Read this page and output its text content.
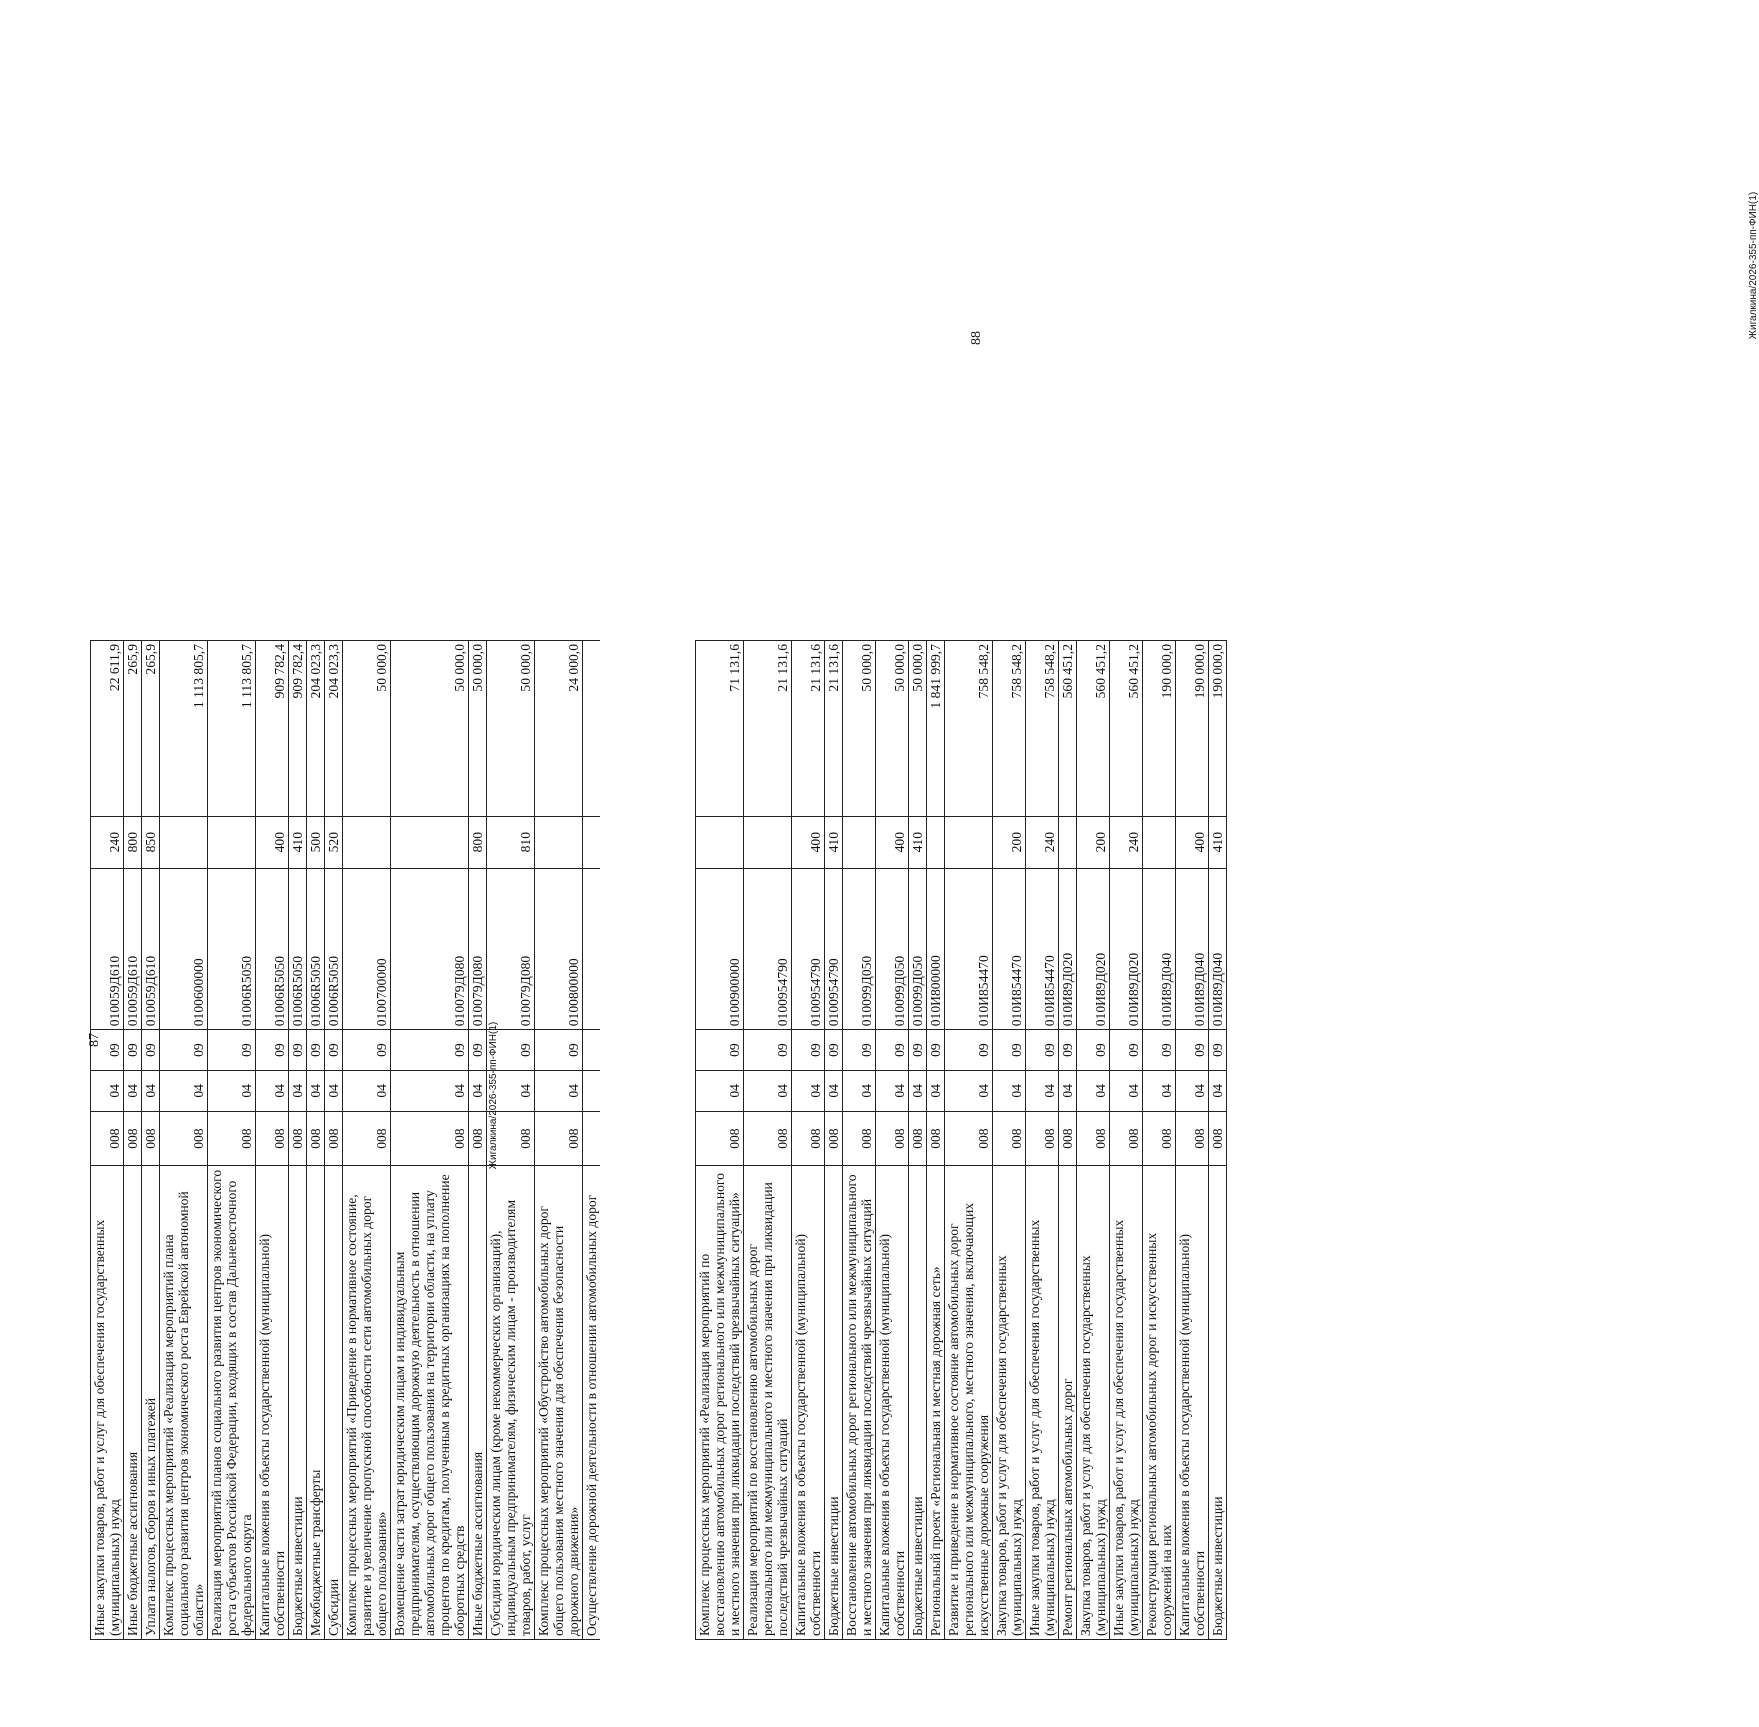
Иные закупки товаров, работ и услуг для обеспечения государственных (муниципальных) нужд	008	04	09	010059Д610	240	22 611,9
Иные бюджетные ассигнования	008	04	09	010059Д610	800	265,9
Уплата налогов, сборов и иных платежей	008	04	09	010059Д610	850	265,9
Комплекс процессных мероприятий «Реализация мероприятий плана социального развития центров экономического роста Еврейской автономной области»	008	04	09	0100600000		1 113 805,7
Реализация мероприятий планов социального развития центров экономического роста субъектов Российской Федерации, входящих в состав Дальневосточного федерального округа	008	04	09	01006R5050		1 113 805,7
Капитальные вложения в объекты государственной (муниципальной) собственности	008	04	09	01006R5050	400	909 782,4
Бюджетные инвестиции	008	04	09	01006R5050	410	909 782,4
Межбюджетные трансферты	008	04	09	01006R5050	500	204 023,3
Субсидии	008	04	09	01006R5050	520	204 023,3
Комплекс процессных мероприятий «Приведение в нормативное состояние, развитие и увеличение пропускной способности сети автомобильных дорог общего пользования»	008	04	09	0100700000		50 000,0
Возмещение части затрат юридическим лицам и индивидуальным предпринимателям, осуществляющим дорожную деятельность в отношении автомобильных дорог общего пользования на территории области, на уплату процентов по кредитам, полученным в кредитных организациях на пополнение оборотных средств	008	04	09	010079Д080		50 000,0
Иные бюджетные ассигнования	008	04	09	010079Д080	800	50 000,0
Субсидии юридическим лицам (кроме некоммерческих организаций), индивидуальным предпринимателям, физическим лицам - производителям товаров, работ, услуг	008	04	09	010079Д080	810	50 000,0
Комплекс процессных мероприятий «Обустройство автомобильных дорог общего пользования местного значения для обеспечения безопасности дорожного движения»	008	04	09	0100800000		24 000,0
Осуществление дорожной деятельности в отношении автомобильных дорог						

87	Жигалкина/2026-355-пп-ФИН(1)
Комплекс процессных мероприятий «Реализация мероприятий по восстановлению автомобильных дорог регионального или межмуниципального и местного значения при ликвидации последствий чрезвычайных ситуаций»	008	04	09	0100900000		71 131,6
Реализация мероприятий по восстановлению автомобильных дорог регионального или межмуниципального и местного значения при ликвидации последствий чрезвычайных ситуаций	008	04	09	0100954790		21 131,6
Капитальные вложения в объекты государственной (муниципальной) собственности	008	04	09	0100954790	400	21 131,6
Бюджетные инвестиции	008	04	09	0100954790	410	21 131,6
Восстановление автомобильных дорог регионального или межмуниципального и местного значения при ликвидации последствий чрезвычайных ситуаций	008	04	09	010099Д050		50 000,0
Капитальные вложения в объекты государственной (муниципальной) собственности	008	04	09	010099Д050	400	50 000,0
Бюджетные инвестиции	008	04	09	010099Д050	410	50 000,0
Региональный проект «Региональная и местная дорожная сеть»	008	04	09	010И800000		1 841 999,7
Развитие и приведение в нормативное состояние автомобильных дорог регионального или межмуниципального, местного значения, включающих искусственные дорожные сооружения	008	04	09	010И854470		758 548,2
Закупка товаров, работ и услуг для обеспечения государственных (муниципальных) нужд	008	04	09	010И854470	200	758 548,2
Иные закупки товаров, работ и услуг для обеспечения государственных (муниципальных) нужд	008	04	09	010И854470	240	758 548,2
Ремонт региональных автомобильных дорог	008	04	09	010И89Д020		560 451,2
Закупка товаров, работ и услуг для обеспечения государственных (муниципальных) нужд	008	04	09	010И89Д020	200	560 451,2
Иные закупки товаров, работ и услуг для обеспечения государственных (муниципальных) нужд	008	04	09	010И89Д020	240	560 451,2
Реконструкция региональных автомобильных дорог и искусственных сооружений на них	008	04	09	010И89Д040		190 000,0
Капитальные вложения в объекты государственной (муниципальной) собственности	008	04	09	010И89Д040	400	190 000,0
Бюджетные инвестиции	008	04	09	010И89Д040	410	190 000,0
88	Жигалкина/2026-355-пп-ФИН(1)
